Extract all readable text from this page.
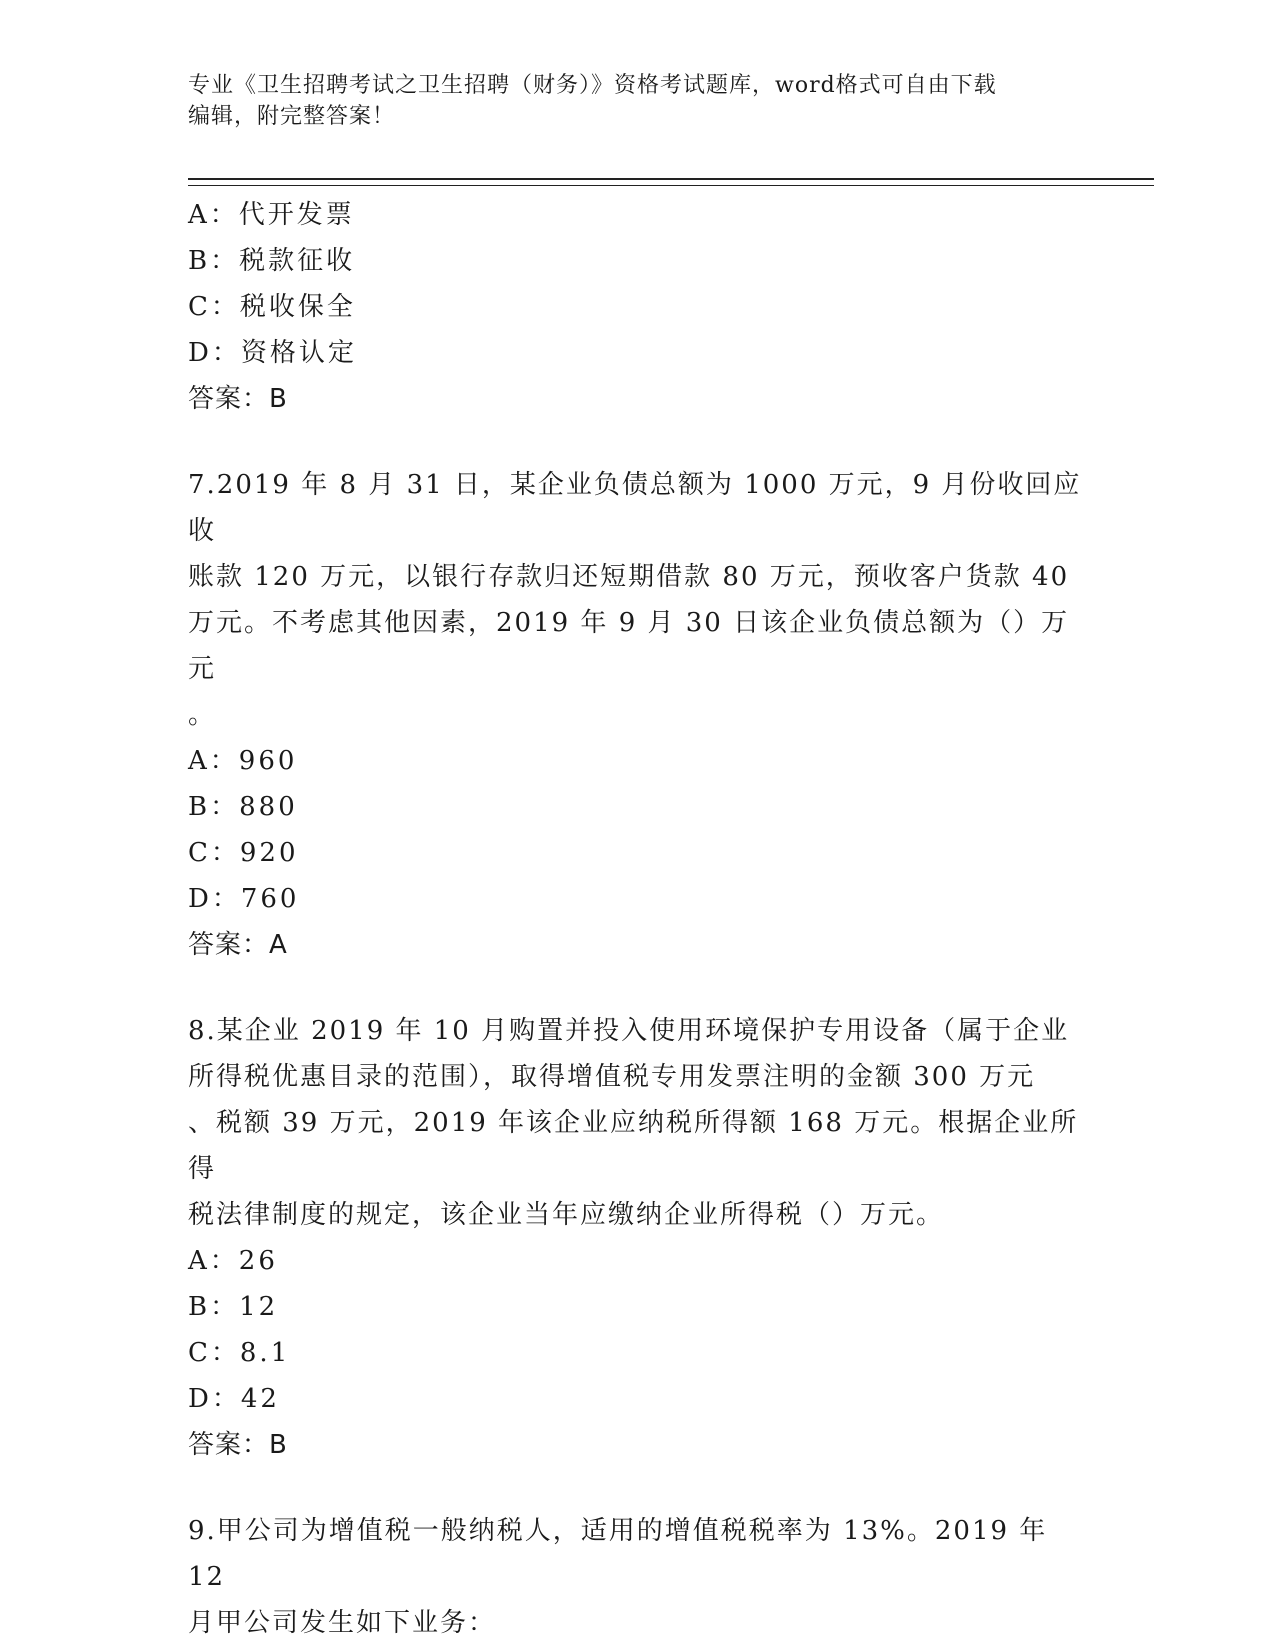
专业《卫生招聘考试之卫生招聘（财务）》资格考试题库，word格式可自由下载
编辑，附完整答案！
A：代开发票
B：税款征收
C：税收保全
D：资格认定
答案：B
7.2019 年 8 月 31 日，某企业负债总额为 1000 万元，9 月份收回应收
账款 120 万元，以银行存款归还短期借款 80 万元，预收客户货款 40
万元。不考虑其他因素，2019 年 9 月 30 日该企业负债总额为（）万元
。
A：960
B：880
C：920
D：760
答案：A
8.某企业 2019 年 10 月购置并投入使用环境保护专用设备（属于企业
所得税优惠目录的范围），取得增值税专用发票注明的金额 300 万元
、税额 39 万元，2019 年该企业应纳税所得额 168 万元。根据企业所得
税法律制度的规定，该企业当年应缴纳企业所得税（）万元。
A：26
B：12
C：8.1
D：42
答案：B
9.甲公司为增值税一般纳税人，适用的增值税税率为 13%。2019 年 12
月甲公司发生如下业务：
